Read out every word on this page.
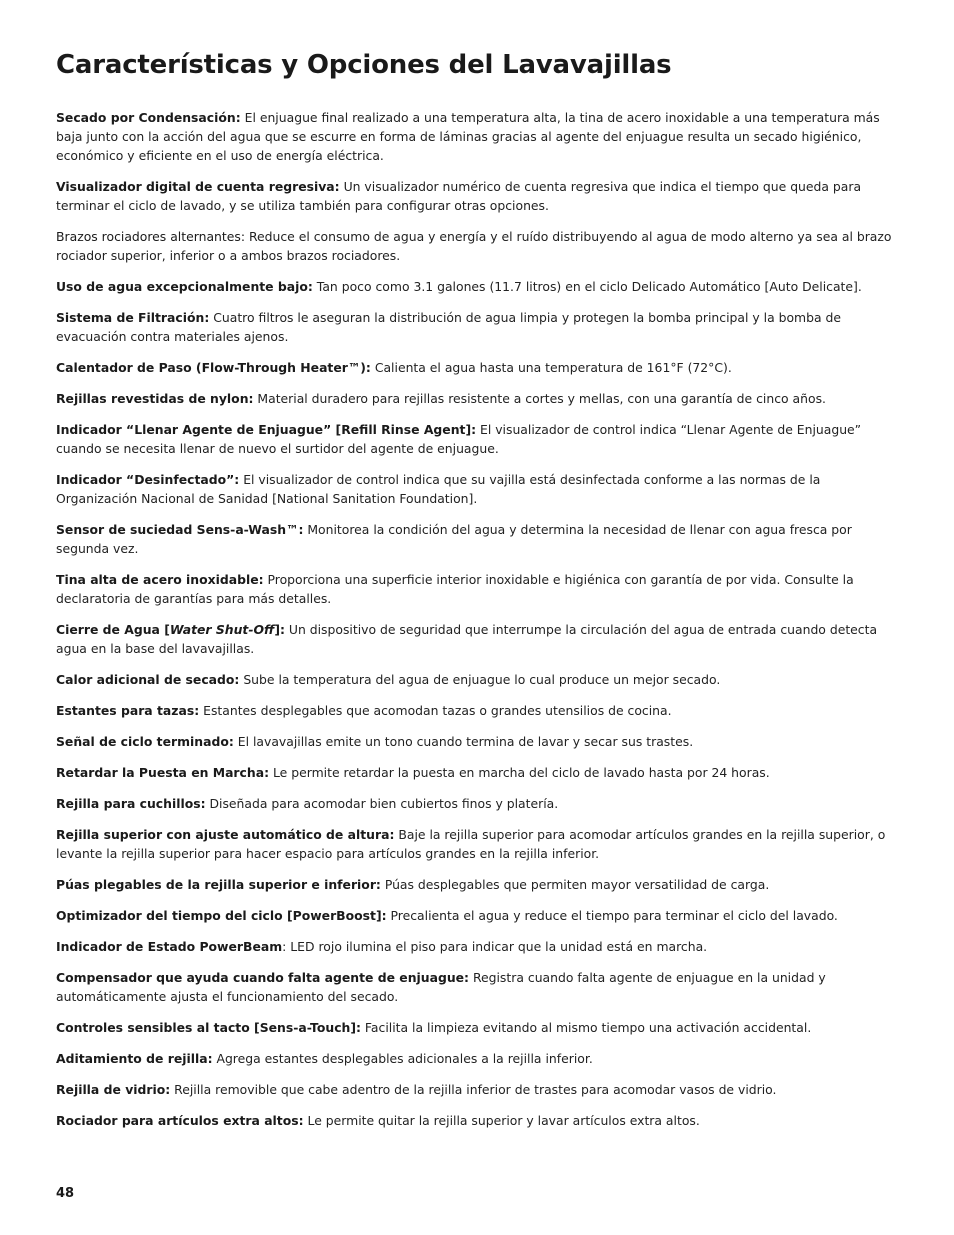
Características y Opciones del Lavavajillas

Secado por Condensación: El enjuague final realizado a una temperatura alta, la tina de acero inoxidable a una temperatura más baja junto con la acción del agua que se escurre en forma de láminas gracias al agente del enjuague resulta un secado higiénico, económico y eficiente en el uso de energía eléctrica.

Visualizador digital de cuenta regresiva: Un visualizador numérico de cuenta regresiva que indica el tiempo que queda para terminar el ciclo de lavado, y se utiliza también para configurar otras opciones.

Brazos rociadores alternantes: Reduce el consumo de agua y energía y el ruído distribuyendo al agua de modo alterno ya sea al brazo rociador superior, inferior o a ambos brazos rociadores.

Uso de agua excepcionalmente bajo: Tan poco como 3.1 galones (11.7 litros) en el ciclo Delicado Automático [Auto Delicate].

Sistema de Filtración: Cuatro filtros le aseguran la distribución de agua limpia y protegen la bomba principal y la bomba de evacuación contra materiales ajenos.

Calentador de Paso (Flow-Through Heater™): Calienta el agua hasta una temperatura de 161°F (72°C).

Rejillas revestidas de nylon: Material duradero para rejillas resistente a cortes y mellas, con una garantía de cinco años.

Indicador “Llenar Agente de Enjuague” [Refill Rinse Agent]: El visualizador de control indica “Llenar Agente de Enjuague” cuando se necesita llenar de nuevo el surtidor del agente de enjuague.

Indicador “Desinfectado”: El visualizador de control indica que su vajilla está desinfectada conforme a las normas de la Organización Nacional de Sanidad [National Sanitation Foundation].

Sensor de suciedad Sens-a-Wash™: Monitorea la condición del agua y determina la necesidad de llenar con agua fresca por segunda vez.

Tina alta de acero inoxidable: Proporciona una superficie interior inoxidable e higiénica con garantía de por vida. Consulte la declaratoria de garantías para más detalles.

Cierre de Agua [Water Shut-Off]: Un dispositivo de seguridad que interrumpe la circulación del agua de entrada cuando detecta agua en la base del lavavajillas.

Calor adicional de secado: Sube la temperatura del agua de enjuague lo cual produce un mejor secado.

Estantes para tazas: Estantes desplegables que acomodan tazas o grandes utensilios de cocina.

Señal de ciclo terminado: El lavavajillas emite un tono cuando termina de lavar y secar sus trastes.

Retardar la Puesta en Marcha: Le permite retardar la puesta en marcha del ciclo de lavado hasta por 24 horas.

Rejilla para cuchillos: Diseñada para acomodar bien cubiertos finos y platería.

Rejilla superior con ajuste automático de altura: Baje la rejilla superior para acomodar artículos grandes en la rejilla superior, o levante la rejilla superior para hacer espacio para artículos grandes en la rejilla inferior.

Púas plegables de la rejilla superior e inferior: Púas desplegables que permiten mayor versatilidad de carga.

Optimizador del tiempo del ciclo [PowerBoost]: Precalienta el agua y reduce el tiempo para terminar el ciclo del lavado.

Indicador de Estado PowerBeam: LED rojo ilumina el piso para indicar que la unidad está en marcha.

Compensador que ayuda cuando falta agente de enjuague: Registra cuando falta agente de enjuague en la unidad y automáticamente ajusta el funcionamiento del secado.

Controles sensibles al tacto [Sens-a-Touch]: Facilita la limpieza evitando al mismo tiempo una activación accidental.

Aditamiento de rejilla: Agrega estantes desplegables adicionales a la rejilla inferior.

Rejilla de vidrio: Rejilla removible que cabe adentro de la rejilla inferior de trastes para acomodar vasos de vidrio.

Rociador para artículos extra altos: Le permite quitar la rejilla superior y lavar artículos extra altos.

48
